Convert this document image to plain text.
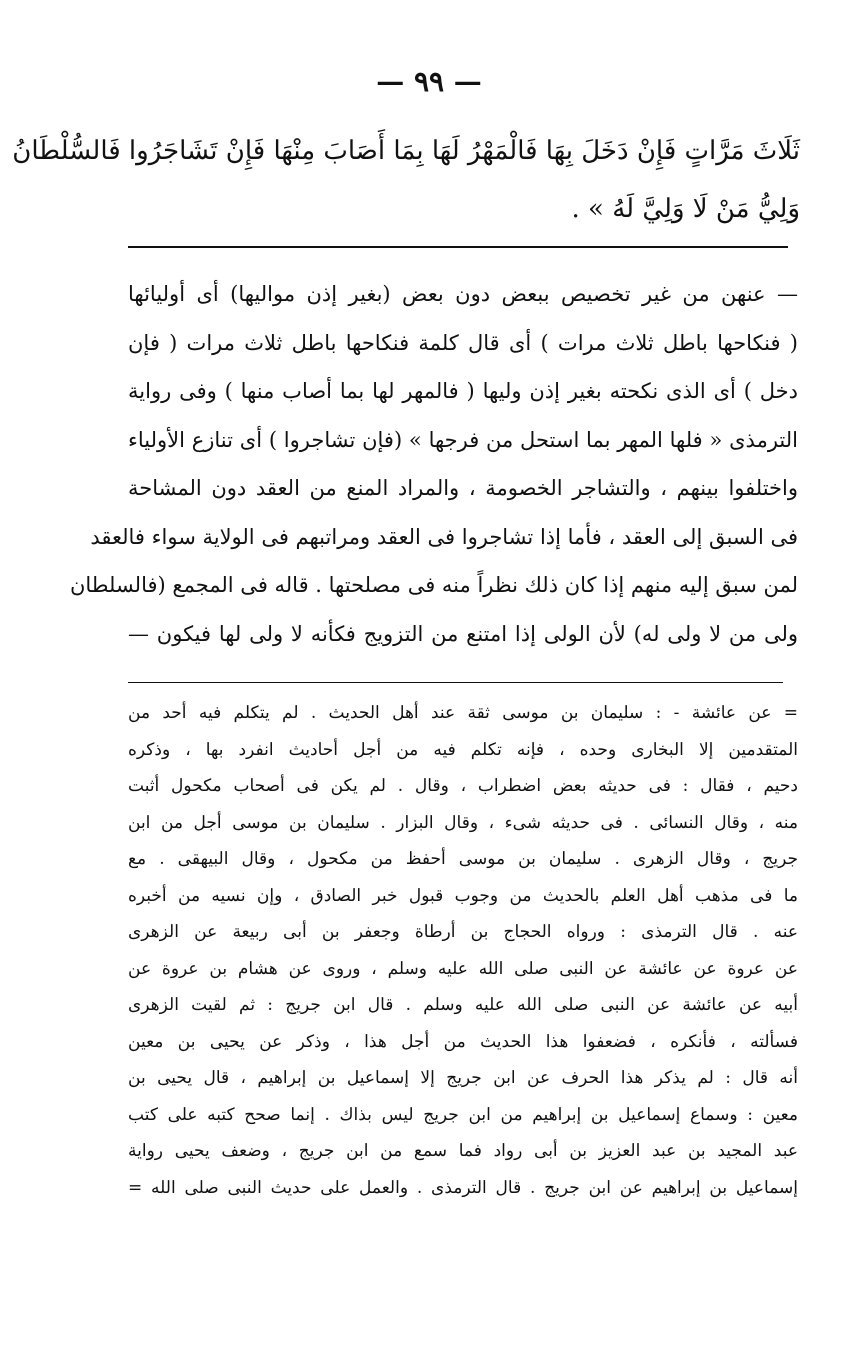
— ٩٩ —
ثَلَاثَ مَرَّاتٍ فَإِنْ دَخَلَ بِهَا فَالْمَهْرُ لَهَا بِمَا أَصَابَ مِنْهَا فَإِنْ تَشَاجَرُوا فَالسُّلْطَانُ
وَلِيُّ مَنْ لَا وَلِيَّ لَهُ » .
— عنهن من غير تخصيص ببعض دون بعض (بغير إذن مواليها) أى أوليائها
( فنكاحها باطل ثلاث مرات ) أى قال كلمة فنكاحها باطل ثلاث مرات ( فإن
دخل ) أى الذى نكحته بغير إذن وليها ( فالمهر لها بما أصاب منها ) وفى رواية
الترمذى « فلها المهر بما استحل من فرجها » (فإن تشاجروا ) أى تنازع الأولياء
واختلفوا بينهم ، والتشاجر الخصومة ، والمراد المنع من العقد دون المشاحة
فى السبق إلى العقد ، فأما إذا تشاجروا فى العقد ومراتبهم فى الولاية سواء فالعقد
لمن سبق إليه منهم إذا كان ذلك نظراً منه فى مصلحتها . قاله فى المجمع (فالسلطان
ولى من لا ولى له) لأن الولى إذا امتنع من التزويج فكأنه لا ولى لها فيكون —
= عن عائشة - : سليمان بن موسى ثقة عند أهل الحديث . لم يتكلم فيه أحد من
المتقدمين إلا البخارى وحده ، فإنه تكلم فيه من أجل أحاديث انفرد بها ، وذكره
دحيم ، فقال : فى حديثه بعض اضطراب ، وقال . لم يكن فى أصحاب مكحول أثبت
منه ، وقال النسائى . فى حديثه شىء ، وقال البزار . سليمان بن موسى أجل من ابن
جريج ، وقال الزهرى . سليمان بن موسى أحفظ من مكحول ، وقال البيهقى . مع
ما فى مذهب أهل العلم بالحديث من وجوب قبول خبر الصادق ، وإن نسيه من أخبره
عنه . قال الترمذى : ورواه الحجاج بن أرطاة وجعفر بن أبى ربيعة عن الزهرى
عن عروة عن عائشة عن النبى صلى الله عليه وسلم ، وروى عن هشام بن عروة عن
أبيه عن عائشة عن النبى صلى الله عليه وسلم . قال ابن جريج : ثم لقيت الزهرى
فسألته ، فأنكره ، فضعفوا هذا الحديث من أجل هذا ، وذكر عن يحيى بن معين
أنه قال : لم يذكر هذا الحرف عن ابن جريج إلا إسماعيل بن إبراهيم ، قال يحيى بن
معين : وسماع إسماعيل بن إبراهيم من ابن جريج ليس بذاك . إنما صحح كتبه على كتب
عبد المجيد بن عبد العزيز بن أبى رواد فما سمع من ابن جريج ، وضعف يحيى رواية
إسماعيل بن إبراهيم عن ابن جريج . قال الترمذى . والعمل على حديث النبى صلى الله =
